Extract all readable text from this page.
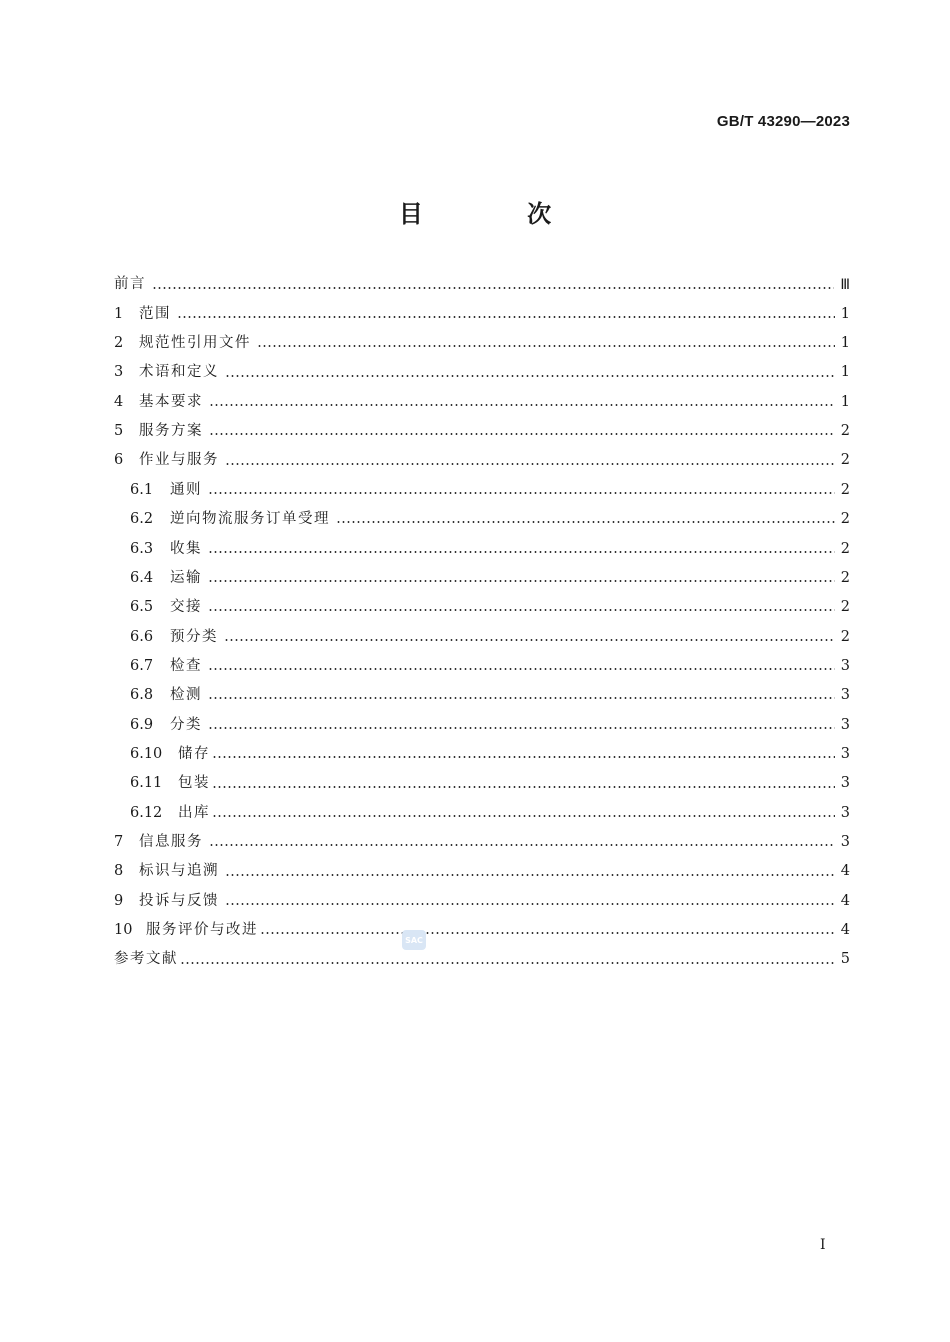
GB/T 43290—2023
目 次
前言	Ⅲ
1	范围	1
2	规范性引用文件	1
3	术语和定义	1
4	基本要求	1
5	服务方案	2
6	作业与服务	2
6.1	通则	2
6.2	逆向物流服务订单受理	2
6.3	收集	2
6.4	运输	2
6.5	交接	2
6.6	预分类	2
6.7	检查	3
6.8	检测	3
6.9	分类	3
6.10	储存	3
6.11	包装	3
6.12	出库	3
7	信息服务	3
8	标识与追溯	4
9	投诉与反馈	4
10 服务评价与改进	4
参考文献	5
SAC
I
